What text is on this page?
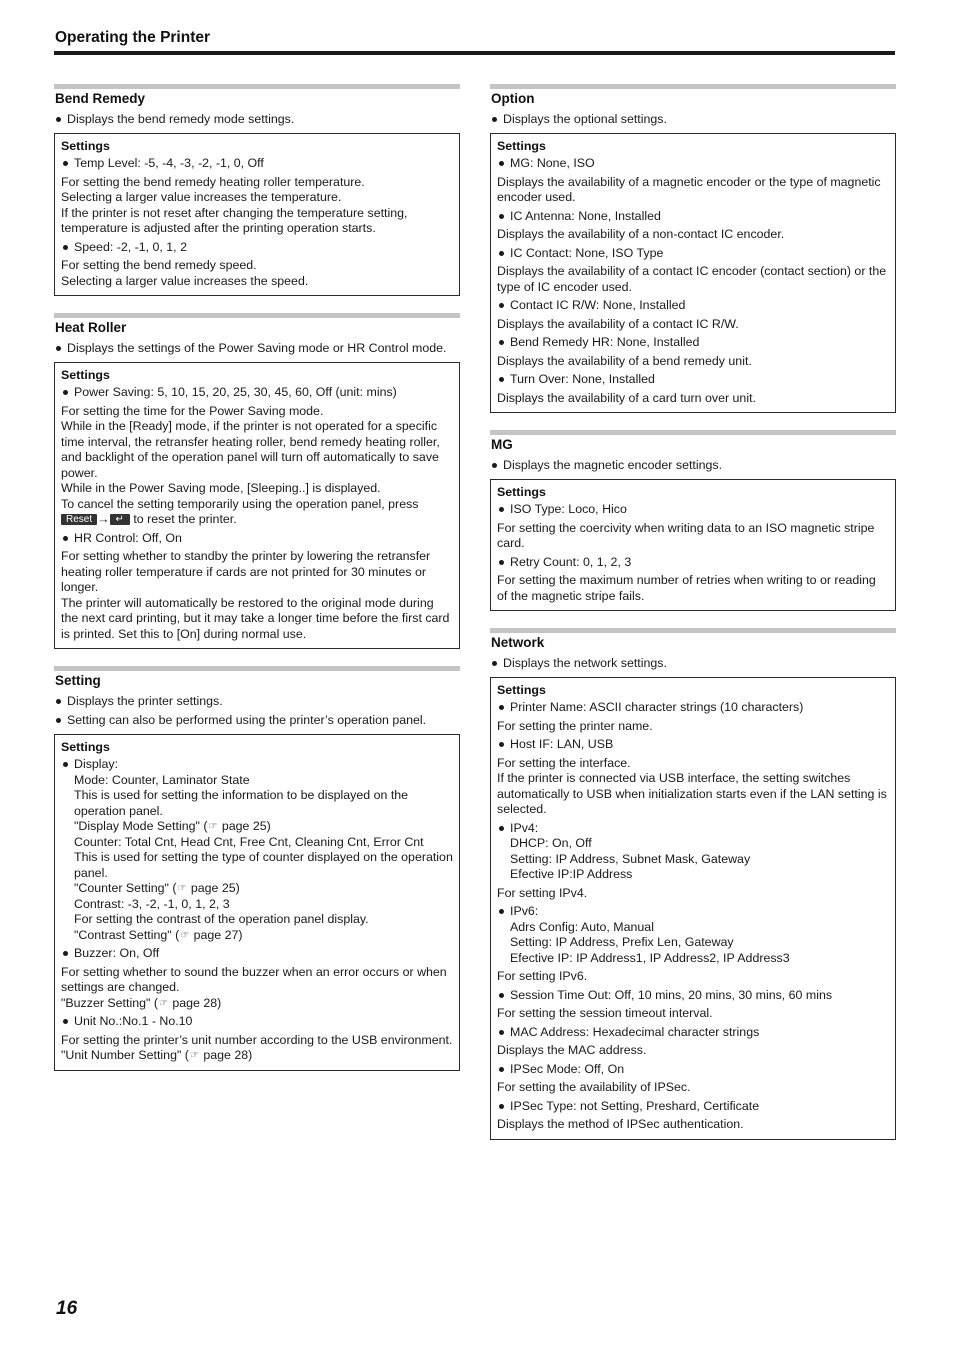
Operating the Printer
Bend Remedy
Displays the bend remedy mode settings.
Settings
Temp Level: -5, -4, -3, -2, -1, 0, Off
For setting the bend remedy heating roller temperature.
Selecting a larger value increases the temperature.
If the printer is not reset after changing the temperature setting, temperature is adjusted after the printing operation starts.
Speed: -2, -1, 0, 1, 2
For setting the bend remedy speed.
Selecting a larger value increases the speed.
Heat Roller
Displays the settings of the Power Saving mode or HR Control mode.
Settings
Power Saving: 5, 10, 15, 20, 25, 30, 45, 60, Off (unit: mins)
For setting the time for the Power Saving mode.
While in the [Ready] mode, if the printer is not operated for a specific time interval, the retransfer heating roller, bend remedy heating roller, and backlight of the operation panel will turn off automatically to save power.
While in the Power Saving mode, [Sleeping..] is displayed.
To cancel the setting temporarily using the operation panel, press
Reset → ↵ to reset the printer.
HR Control: Off, On
For setting whether to standby the printer by lowering the retransfer heating roller temperature if cards are not printed for 30 minutes or longer.
The printer will automatically be restored to the original mode during the next card printing, but it may take a longer time before the first card is printed. Set this to [On] during normal use.
Setting
Displays the printer settings.
Setting can also be performed using the printer’s operation panel.
Settings
Display:
Mode: Counter, Laminator State
This is used for setting the information to be displayed on the operation panel.
"Display Mode Setting" (☞ page 25)
Counter: Total Cnt, Head Cnt, Free Cnt, Cleaning Cnt, Error Cnt
This is used for setting the type of counter displayed on the operation panel.
"Counter Setting" (☞ page 25)
Contrast: -3, -2, -1, 0, 1, 2, 3
For setting the contrast of the operation panel display.
"Contrast Setting" (☞ page 27)
Buzzer: On, Off
For setting whether to sound the buzzer when an error occurs or when settings are changed.
"Buzzer Setting" (☞ page 28)
Unit No.:No.1 - No.10
For setting the printer’s unit number according to the USB environment.
"Unit Number Setting" (☞ page 28)
Option
Displays the optional settings.
Settings
MG: None, ISO
Displays the availability of a magnetic encoder or the type of magnetic encoder used.
IC Antenna: None, Installed
Displays the availability of a non-contact IC encoder.
IC Contact: None, ISO Type
Displays the availability of a contact IC encoder (contact section) or the type of IC encoder used.
Contact IC R/W: None, Installed
Displays the availability of a contact IC R/W.
Bend Remedy HR: None, Installed
Displays the availability of a bend remedy unit.
Turn Over: None, Installed
Displays the availability of a card turn over unit.
MG
Displays the magnetic encoder settings.
Settings
ISO Type: Loco, Hico
For setting the coercivity when writing data to an ISO magnetic stripe card.
Retry Count: 0, 1, 2, 3
For setting the maximum number of retries when writing to or reading of the magnetic stripe fails.
Network
Displays the network settings.
Settings
Printer Name: ASCII character strings (10 characters)
For setting the printer name.
Host IF: LAN, USB
For setting the interface.
If the printer is connected via USB interface, the setting switches automatically to USB when initialization starts even if the LAN setting is selected.
IPv4:
DHCP: On, Off
Setting: IP Address, Subnet Mask, Gateway
Efective IP:IP Address
For setting IPv4.
IPv6:
Adrs Config: Auto, Manual
Setting: IP Address, Prefix Len, Gateway
Efective IP: IP Address1, IP Address2, IP Address3
For setting IPv6.
Session Time Out: Off, 10 mins, 20 mins, 30 mins, 60 mins
For setting the session timeout interval.
MAC Address: Hexadecimal character strings
Displays the MAC address.
IPSec Mode: Off, On
For setting the availability of IPSec.
IPSec Type: not Setting, Preshard, Certificate
Displays the method of IPSec authentication.
16
